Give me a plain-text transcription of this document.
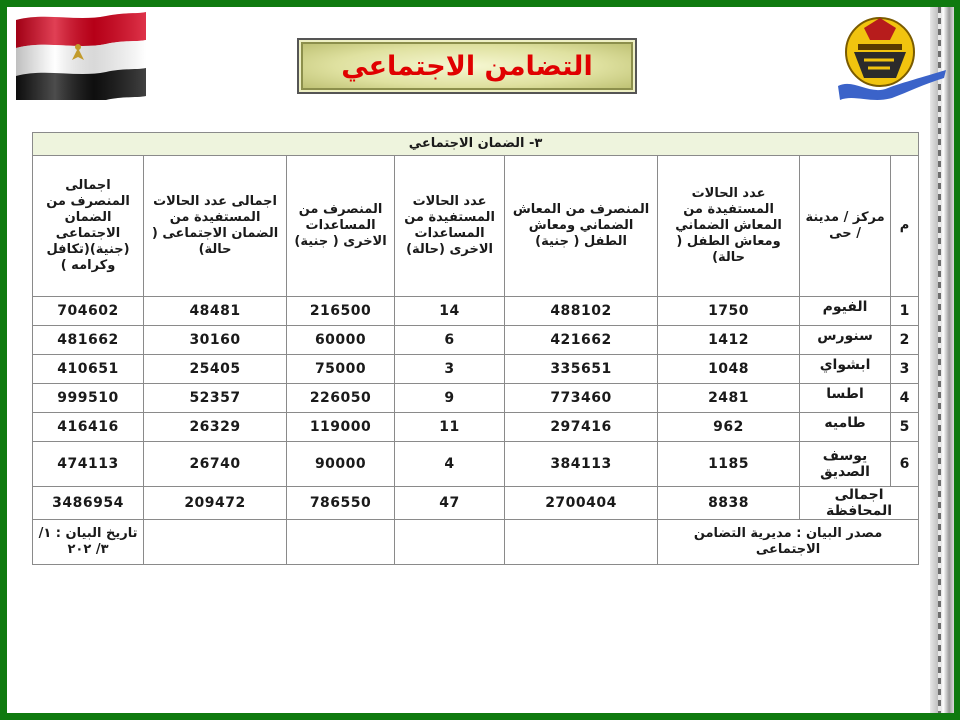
التضامن الاجتماعي
٣- الضمان الاجتماعي							
م	مركز / مدينة / حى	عدد الحالات المستفيدة من المعاش الضماني ومعاش الطفل ( حالة)	المنصرف من المعاش الضماني ومعاش الطفل ( جنية)	عدد الحالات المستفيدة من المساعدات الاخرى (حالة)	المنصرف من المساعدات الاخرى ( جنية)	اجمالى عدد الحالات المستفيدة من الضمان الاجتماعى ( حالة)	اجمالى المنصرف من الضمان الاجتماعى (جنية)(تكافل وكرامه )
1	الفيوم	1750	488102	14	216500	48481	704602
2	سنورس	1412	421662	6	60000	30160	481662
3	ابشواي	1048	335651	3	75000	25405	410651
4	اطسا	2481	773460	9	226050	52357	999510
5	طاميه	962	297416	11	119000	26329	416416
6	يوسف الصديق	1185	384113	4	90000	26740	474113
اجمالى المحافظة		8838	2700404	47	786550	209472	3486954
مصدر البيان : مديرية التضامن الاجتماعى							تاريخ البيان : ١/ ٣/ ٢٠٢
